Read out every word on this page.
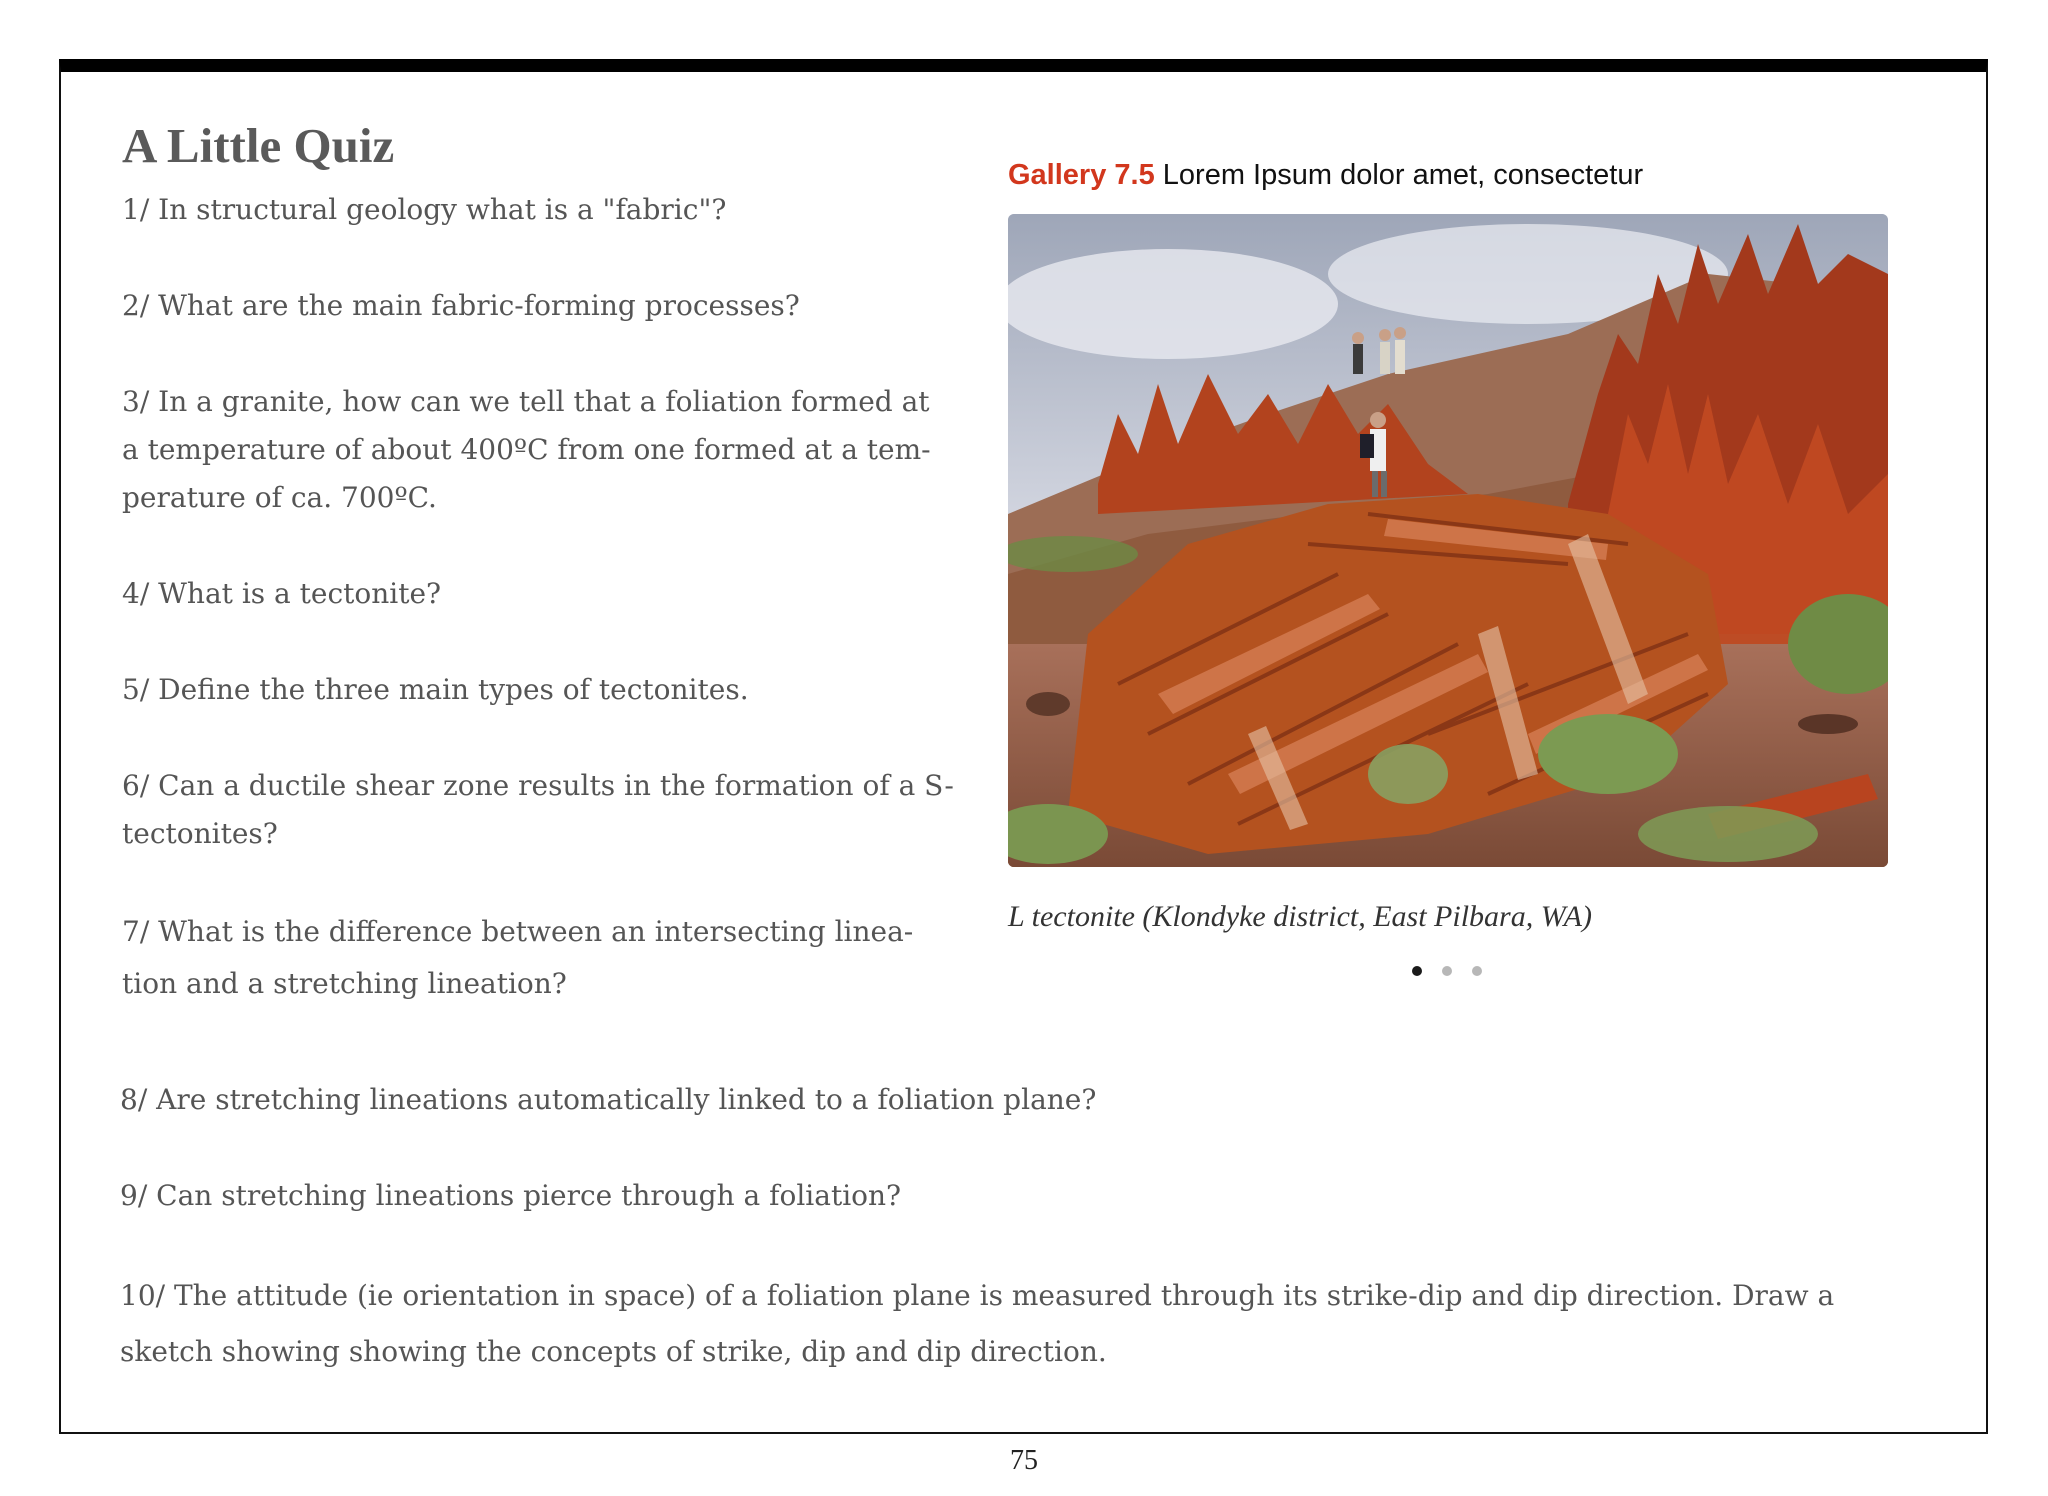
A Little Quiz

1/ In structural geology what is a "fabric"?

2/ What are the main fabric-forming processes?

3/ In a granite, how can we tell that a foliation formed at
a temperature of about 400ºC from one formed at a tem-
perature of ca. 700ºC.

4/ What is a tectonite?

5/ Define the three main types of tectonites.

6/ Can a ductile shear zone results in the formation of a S-
tectonites?
7/ What is the difference between an intersecting linea-
tion and a stretching lineation?

8/ Are stretching lineations automatically linked to a foliation plane?

9/ Can stretching lineations pierce through a foliation?

10/ The attitude (ie orientation in space) of a foliation plane is measured through its strike-dip and dip direction. Draw a
sketch showing showing the concepts of strike, dip and dip direction.
Gallery 7.5 Lorem Ipsum dolor amet, consectetur
L tectonite (Klondyke district, East Pilbara, WA)
75
